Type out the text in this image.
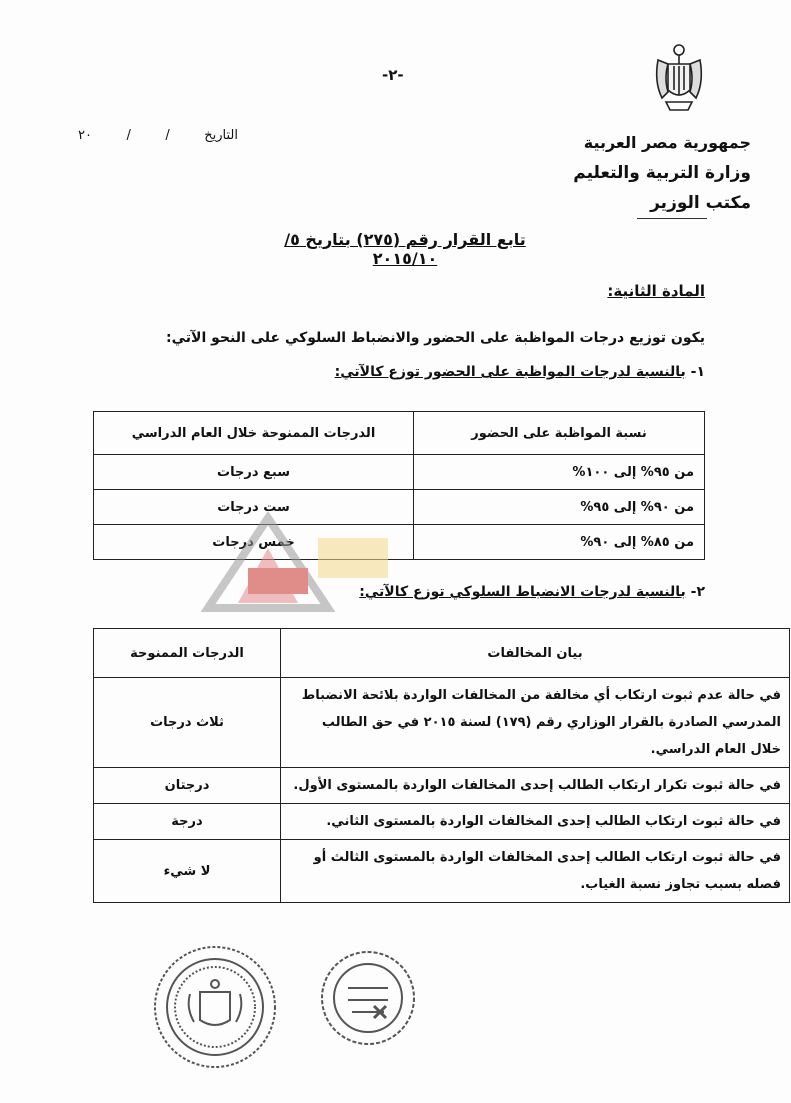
-٢-
جمهورية مصر العربية
وزارة التربية والتعليم
مكتب الوزير
التاريخ
/
/
٢٠
تابع القرار رقم (٢٧٥) بتاريخ ٥/ ٢٠١٥/١٠
المادة الثانية:
يكون توزيع درجات المواظبة على الحضور والانضباط السلوكي على النحو الآتي:
١- بالنسبة لدرجات المواظبة على الحضور توزع كالآتي:
نسبة المواظبة على الحضور	الدرجات الممنوحة خلال العام الدراسي
من ٩٥% إلى ١٠٠%	سبع درجات
من ٩٠% إلى ٩٥%	ست درجات
من ٨٥% إلى ٩٠%	خمس درجات
٢- بالنسبة لدرجات الانضباط السلوكي توزع كالآتي:
بيان المخالفات	الدرجات الممنوحة
في حالة عدم ثبوت ارتكاب أي مخالفة من المخالفات الواردة بلائحة الانضباط المدرسي الصادرة بالقرار الوزاري رقم (١٧٩) لسنة ٢٠١٥ في حق الطالب خلال العام الدراسي.	ثلاث درجات
في حالة ثبوت تكرار ارتكاب الطالب إحدى المخالفات الواردة بالمستوى الأول.	درجتان
في حالة ثبوت ارتكاب الطالب إحدى المخالفات الواردة بالمستوى الثاني.	درجة
في حالة ثبوت ارتكاب الطالب إحدى المخالفات الواردة بالمستوى الثالث أو فصله بسبب تجاوز نسبة الغياب.	لا شيء
